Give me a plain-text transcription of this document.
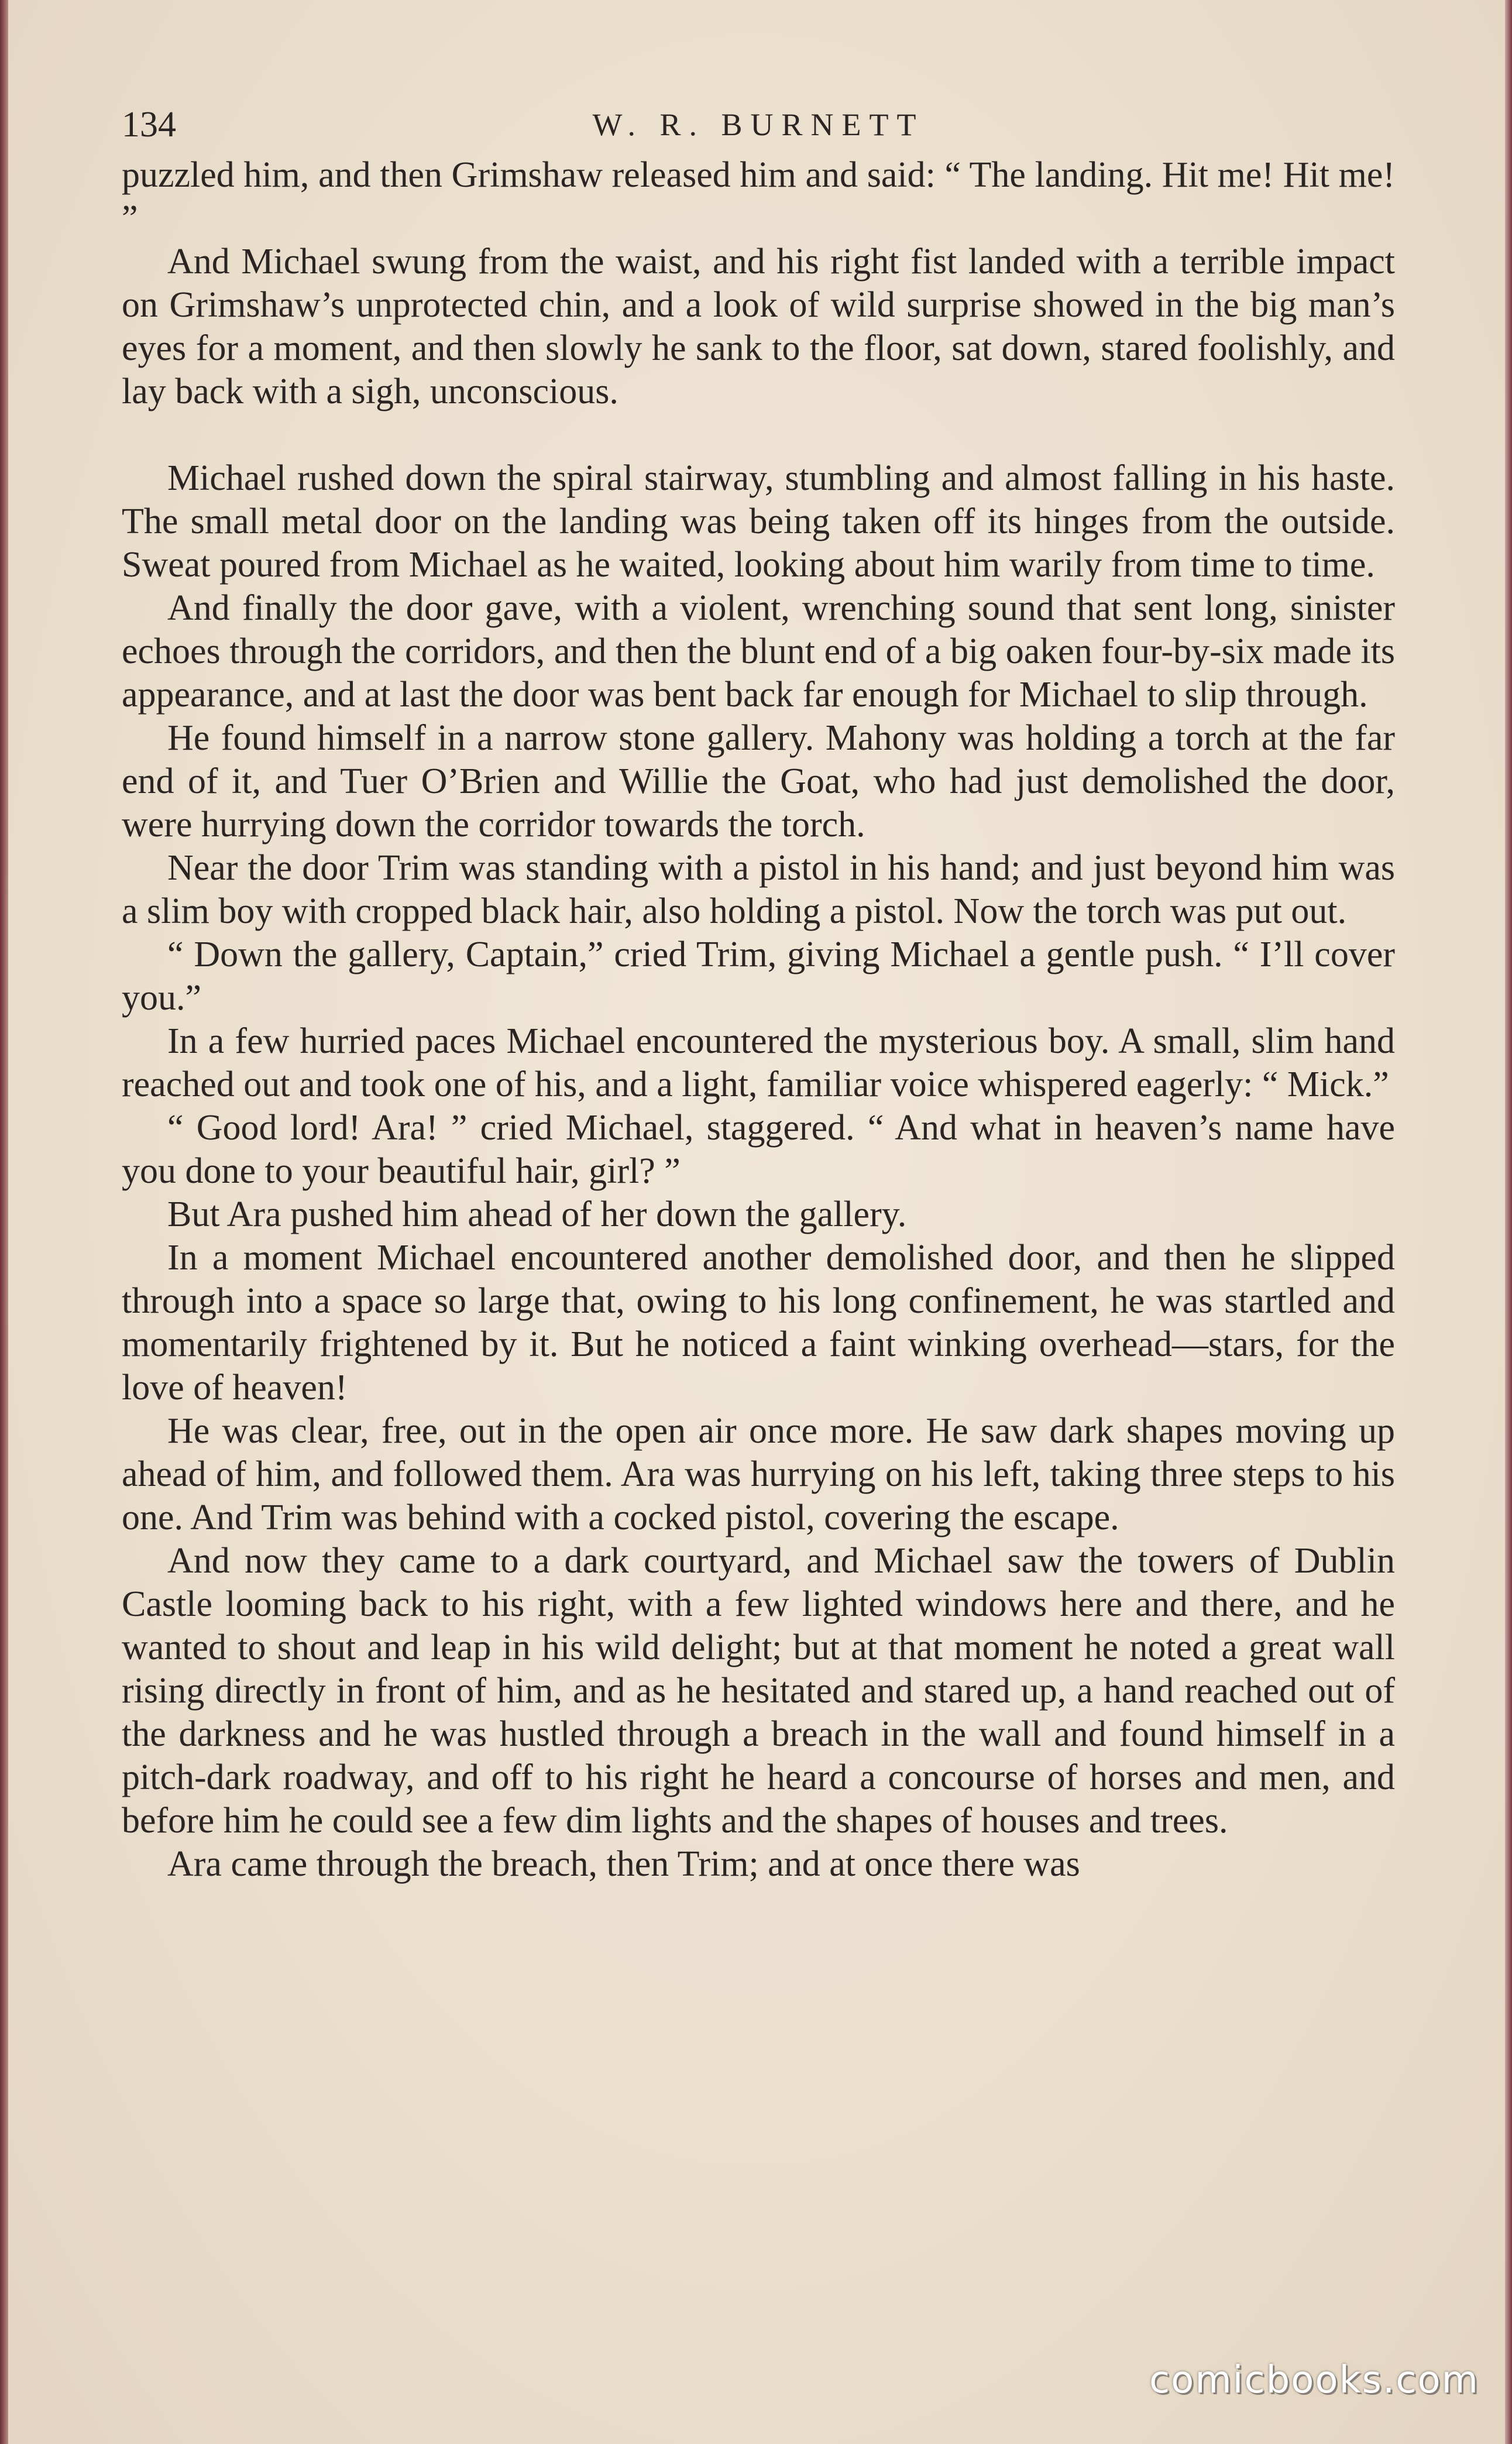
134	W. R. BURNETT

puzzled him, and then Grimshaw released him and said: “ The landing. Hit me! Hit me! ”

And Michael swung from the waist, and his right fist landed with a terrible impact on Grimshaw’s unprotected chin, and a look of wild surprise showed in the big man’s eyes for a moment, and then slowly he sank to the floor, sat down, stared foolishly, and lay back with a sigh, unconscious.

Michael rushed down the spiral stairway, stumbling and almost falling in his haste. The small metal door on the landing was being taken off its hinges from the outside. Sweat poured from Michael as he waited, looking about him warily from time to time.

And finally the door gave, with a violent, wrenching sound that sent long, sinister echoes through the corridors, and then the blunt end of a big oaken four-by-six made its appearance, and at last the door was bent back far enough for Michael to slip through.

He found himself in a narrow stone gallery. Mahony was holding a torch at the far end of it, and Tuer O’Brien and Willie the Goat, who had just demolished the door, were hurrying down the corridor towards the torch.

Near the door Trim was standing with a pistol in his hand; and just beyond him was a slim boy with cropped black hair, also holding a pistol. Now the torch was put out.

“ Down the gallery, Captain,” cried Trim, giving Michael a gentle push. “ I’ll cover you.”

In a few hurried paces Michael encountered the mysterious boy. A small, slim hand reached out and took one of his, and a light, familiar voice whispered eagerly: “ Mick.”

“ Good lord! Ara! ” cried Michael, staggered. “ And what in heaven’s name have you done to your beautiful hair, girl? ”

But Ara pushed him ahead of her down the gallery.

In a moment Michael encountered another demolished door, and then he slipped through into a space so large that, owing to his long confinement, he was startled and momentarily frightened by it. But he noticed a faint winking overhead—stars, for the love of heaven!

He was clear, free, out in the open air once more. He saw dark shapes moving up ahead of him, and followed them. Ara was hurrying on his left, taking three steps to his one. And Trim was behind with a cocked pistol, covering the escape.

And now they came to a dark courtyard, and Michael saw the towers of Dublin Castle looming back to his right, with a few lighted windows here and there, and he wanted to shout and leap in his wild delight; but at that moment he noted a great wall rising directly in front of him, and as he hesitated and stared up, a hand reached out of the darkness and he was hustled through a breach in the wall and found himself in a pitch-dark roadway, and off to his right he heard a concourse of horses and men, and before him he could see a few dim lights and the shapes of houses and trees.

Ara came through the breach, then Trim; and at once there was

comicbooks.com
